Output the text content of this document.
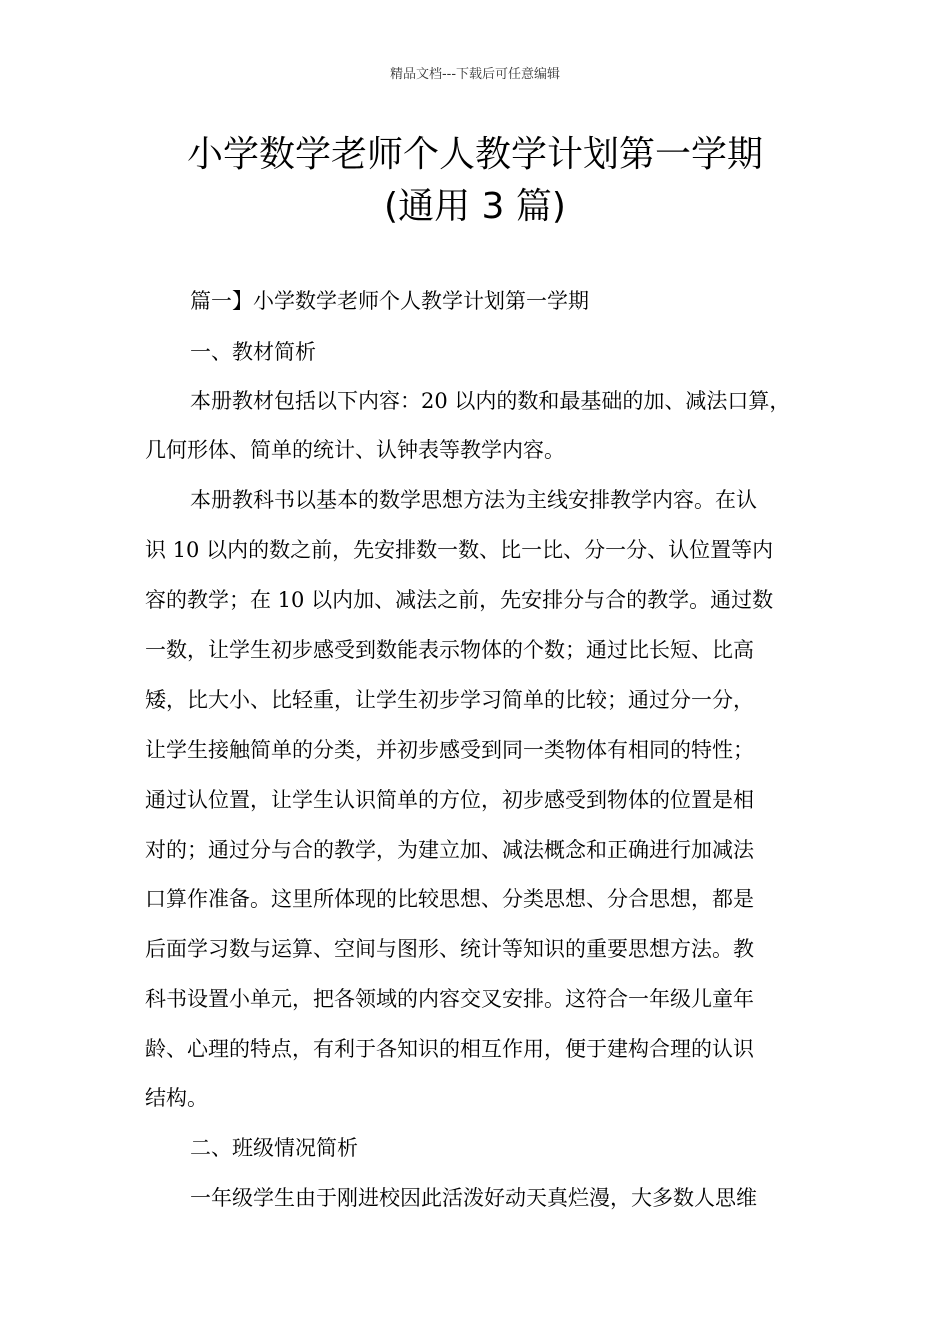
精品文档---下载后可任意编辑
小学数学老师个人教学计划第一学期
(通用 3 篇)
篇一】小学数学老师个人教学计划第一学期
一、教材简析
本册教材包括以下内容：20 以内的数和最基础的加、减法口算，
几何形体、简单的统计、认钟表等教学内容。
本册教科书以基本的数学思想方法为主线安排教学内容。在认
识 10 以内的数之前，先安排数一数、比一比、分一分、认位置等内
容的教学；在 10 以内加、减法之前，先安排分与合的教学。通过数
一数，让学生初步感受到数能表示物体的个数；通过比长短、比高
矮，比大小、比轻重，让学生初步学习简单的比较；通过分一分，
让学生接触简单的分类，并初步感受到同一类物体有相同的特性；
通过认位置，让学生认识简单的方位，初步感受到物体的位置是相
对的；通过分与合的教学，为建立加、减法概念和正确进行加减法
口算作准备。这里所体现的比较思想、分类思想、分合思想，都是
后面学习数与运算、空间与图形、统计等知识的重要思想方法。教
科书设置小单元，把各领域的内容交叉安排。这符合一年级儿童年
龄、心理的特点，有利于各知识的相互作用，便于建构合理的认识
结构。
二、班级情况简析
一年级学生由于刚进校因此活泼好动天真烂漫，大多数人思维
